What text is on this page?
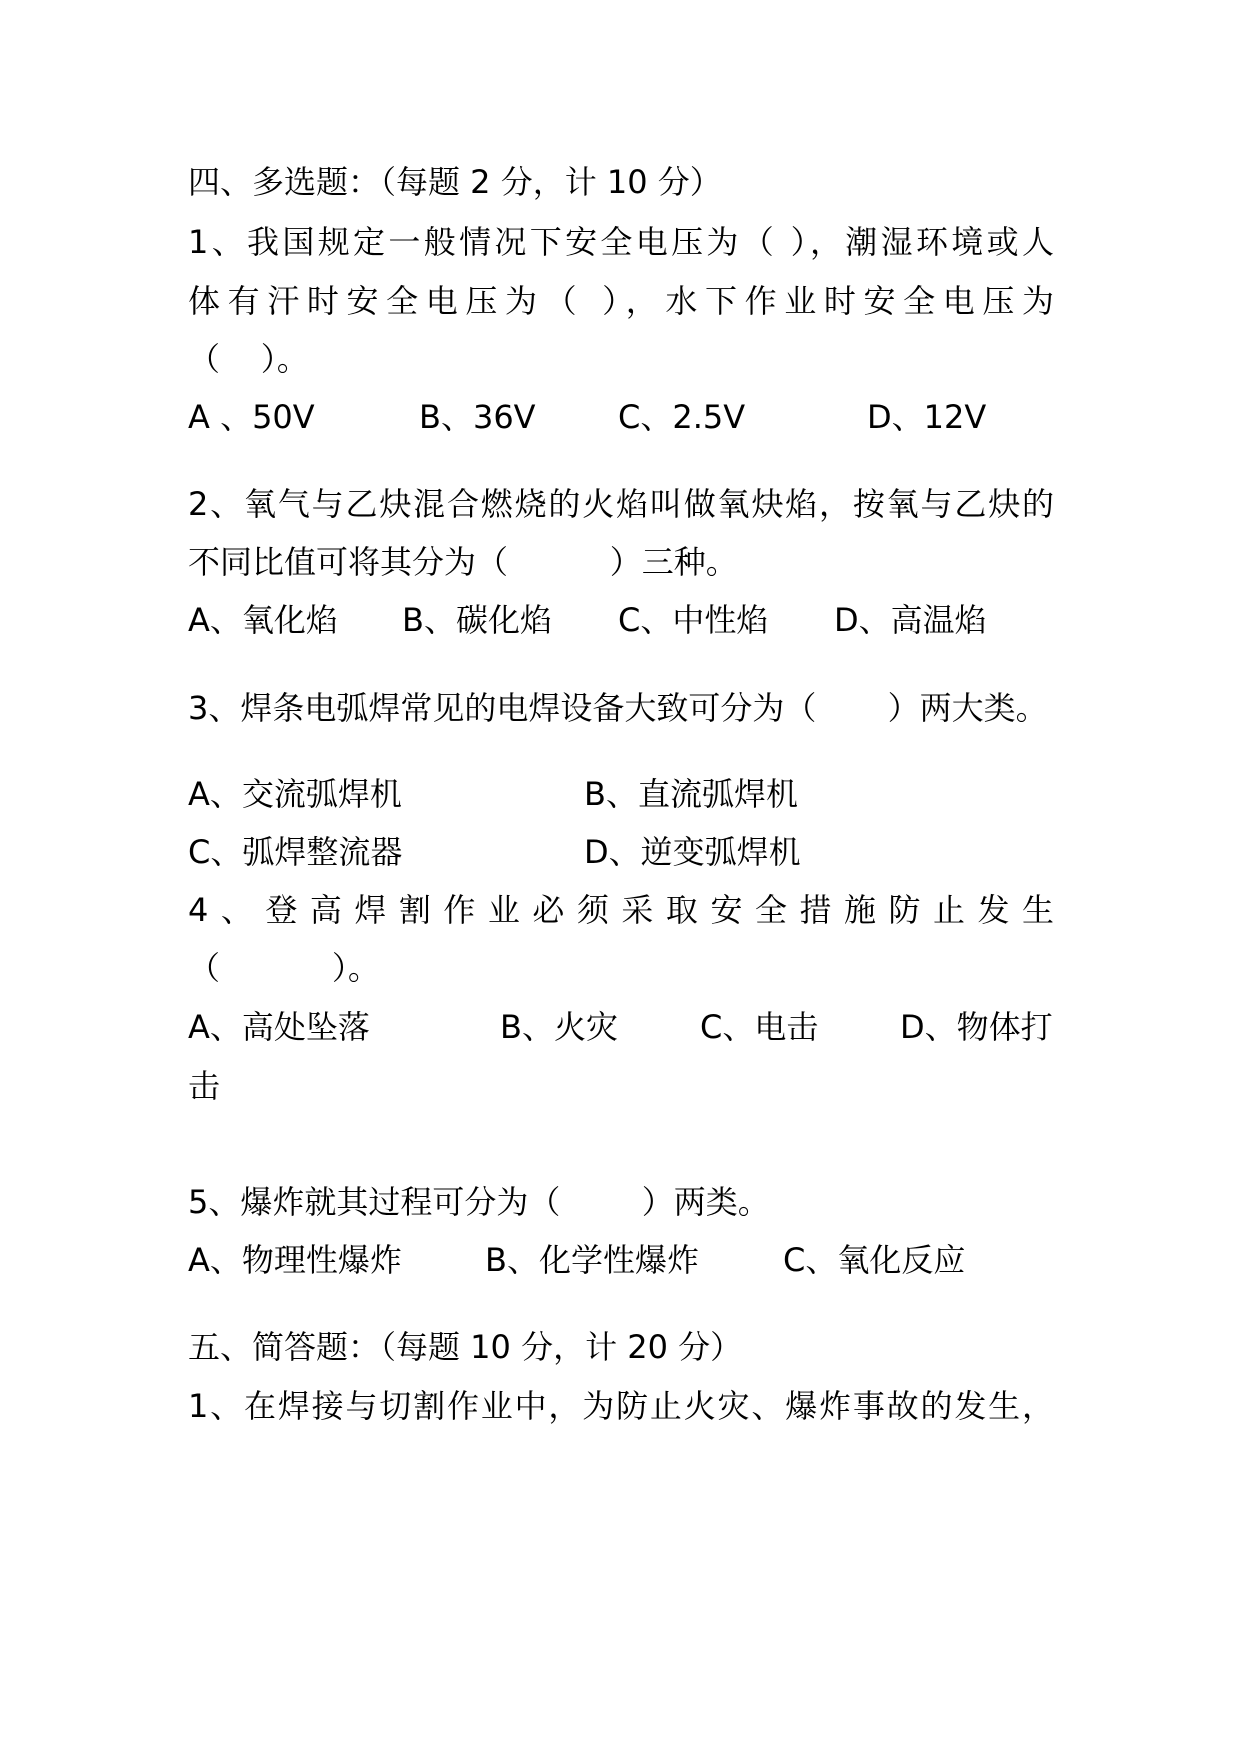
四、多选题：（每题 2 分，计 10 分）
1、我国规定一般情况下安全电压为（ ），潮湿环境或人
体有汗时安全电压为（ ），水下作业时安全电压为
（    ）。
A 、50V	B、36V	C、2.5V	D、12V
2、氧气与乙炔混合燃烧的火焰叫做氧炔焰，按氧与乙炔的
不同比值可将其分为（          ）三种。
A、氧化焰 B、碳化焰 C、中性焰 D、高温焰
3、焊条电弧焊常见的电焊设备大致可分为（       ）两大类。
A、交流弧焊机	B、直流弧焊机
C、弧焊整流器	D、逆变弧焊机
4、登高焊割作业必须采取安全措施防止发生
（           ）。
A、高处坠落	B、火灾	C、电击	D、物体打
击
5、爆炸就其过程可分为（        ）两类。
A、物理性爆炸	B、化学性爆炸	C、氧化反应
五、简答题：（每题 10 分，计 20 分）
1、在焊接与切割作业中，为防止火灾、爆炸事故的发生，
